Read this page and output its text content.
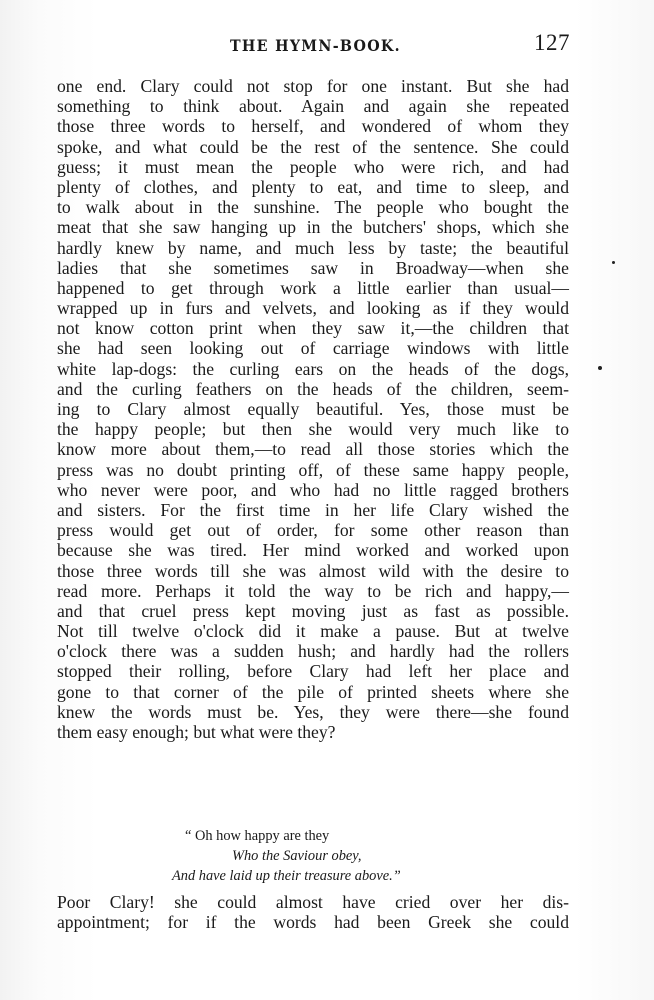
THE HYMN-BOOK.	127
one end. Clary could not stop for one instant. But she had
something to think about. Again and again she repeated
those three words to herself, and wondered of whom they
spoke, and what could be the rest of the sentence. She could
guess; it must mean the people who were rich, and had
plenty of clothes, and plenty to eat, and time to sleep, and
to walk about in the sunshine. The people who bought the
meat that she saw hanging up in the butchers' shops, which she
hardly knew by name, and much less by taste; the beautiful
ladies that she sometimes saw in Broadway—when she
happened to get through work a little earlier than usual—
wrapped up in furs and velvets, and looking as if they would
not know cotton print when they saw it,—the children that
she had seen looking out of carriage windows with little
white lap-dogs: the curling ears on the heads of the dogs,
and the curling feathers on the heads of the children, seem-
ing to Clary almost equally beautiful. Yes, those must be
the happy people; but then she would very much like to
know more about them,—to read all those stories which the
press was no doubt printing off, of these same happy people,
who never were poor, and who had no little ragged brothers
and sisters. For the first time in her life Clary wished the
press would get out of order, for some other reason than
because she was tired. Her mind worked and worked upon
those three words till she was almost wild with the desire to
read more. Perhaps it told the way to be rich and happy,—
and that cruel press kept moving just as fast as possible.
Not till twelve o'clock did it make a pause. But at twelve
o'clock there was a sudden hush; and hardly had the rollers
stopped their rolling, before Clary had left her place and
gone to that corner of the pile of printed sheets where she
knew the words must be. Yes, they were there—she found
them easy enough; but what were they?
“ Oh how happy are they
Who the Saviour obey,
And have laid up their treasure above.”
Poor Clary! she could almost have cried over her dis-
appointment; for if the words had been Greek she could
